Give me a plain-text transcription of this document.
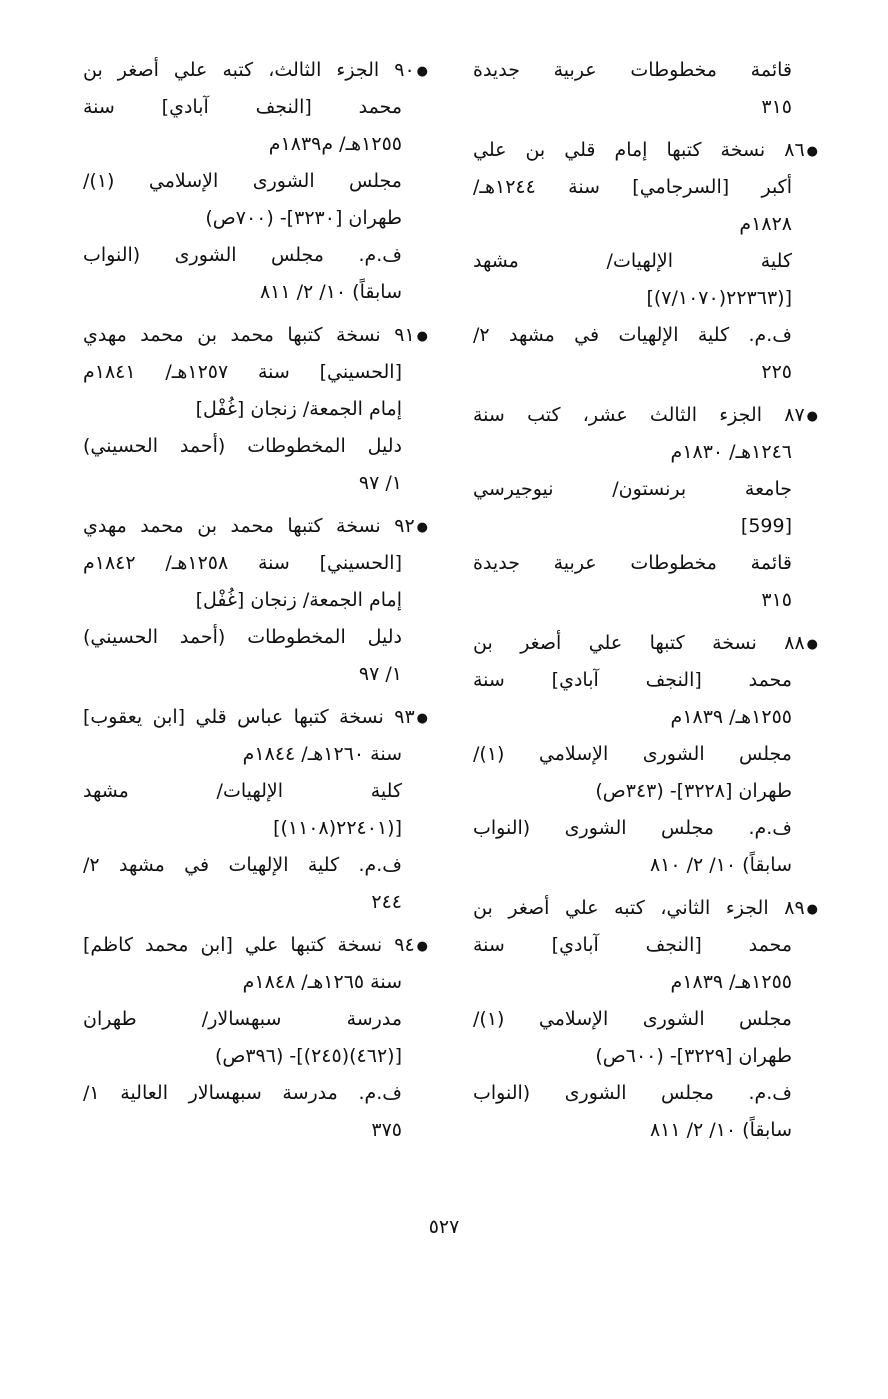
قائمة مخطوطات عربية جديدة
٣١٥
●٨٦ نسخة كتبها إمام قلي بن علي
أكبر [السرجامي] سنة ١٢٤٤هـ/
١٨٢٨م
كلية الإلهيات/ مشهد
[(٢٢٣٦٣(٧/١٠٧٠)]
ف.م. كلية الإلهيات في مشهد ٢/
٢٢٥
●٨٧ الجزء الثالث عشر، كتب سنة
١٢٤٦هـ/ ١٨٣٠م
جامعة برنستون/ نيوجيرسي
[599]
قائمة مخطوطات عربية جديدة
٣١٥
●٨٨ نسخة كتبها علي أصغر بن
محمد [النجف آبادي] سنة
١٢٥٥هـ/ ١٨٣٩م
مجلس الشورى الإسلامي (١)/
طهران [٣٢٢٨]- (٣٤٣ص)
ف.م. مجلس الشورى (النواب
سابقاً) ١٠/ ٢/ ٨١٠
●٨٩ الجزء الثاني، كتبه علي أصغر بن
محمد [النجف آبادي] سنة
١٢٥٥هـ/ ١٨٣٩م
مجلس الشورى الإسلامي (١)/
طهران [٣٢٢٩]- (٦٠٠ص)
ف.م. مجلس الشورى (النواب
سابقاً) ١٠/ ٢/ ٨١١
●٩٠ الجزء الثالث، كتبه علي أصغر بن
محمد [النجف آبادي] سنة
١٢٥٥هـ/ م١٨٣٩م
مجلس الشورى الإسلامي (١)/
طهران [٣٢٣٠]- (٧٠٠ص)
ف.م. مجلس الشورى (النواب
سابقاً) ١٠/ ٢/ ٨١١
●٩١ نسخة كتبها محمد بن محمد مهدي
[الحسيني] سنة ١٢٥٧هـ/ ١٨٤١م
إمام الجمعة/ زنجان [غُفْل]
دليل المخطوطات (أحمد الحسيني)
١/ ٩٧
●٩٢ نسخة كتبها محمد بن محمد مهدي
[الحسيني] سنة ١٢٥٨هـ/ ١٨٤٢م
إمام الجمعة/ زنجان [غُفْل]
دليل المخطوطات (أحمد الحسيني)
١/ ٩٧
●٩٣ نسخة كتبها عباس قلي [ابن يعقوب]
سنة ١٢٦٠هـ/ ١٨٤٤م
كلية الإلهيات/ مشهد
[(٢٢٤٠١(١١٠٨)]
ف.م. كلية الإلهيات في مشهد ٢/
٢٤٤
●٩٤ نسخة كتبها علي [ابن محمد كاظم]
سنة ١٢٦٥هـ/ ١٨٤٨م
مدرسة سبهسالار/ طهران
[(٤٦٢)(٢٤٥)]- (٣٩٦ص)
ف.م. مدرسة سبهسالار العالية ١/
٣٧٥
٥٢٧
